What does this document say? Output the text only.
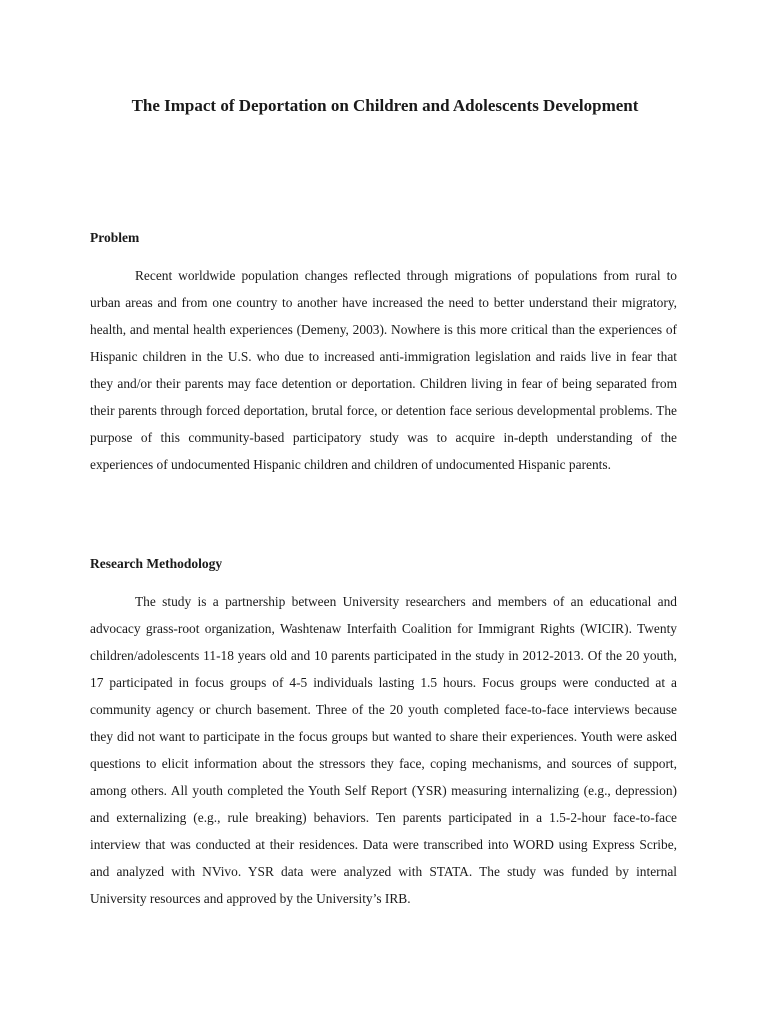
The Impact of Deportation on Children and Adolescents Development
Problem

Recent worldwide population changes reflected through migrations of populations from rural to urban areas and from one country to another have increased the need to better understand their migratory, health, and mental health experiences (Demeny, 2003). Nowhere is this more critical than the experiences of Hispanic children in the U.S. who due to increased anti-immigration legislation and raids live in fear that they and/or their parents may face detention or deportation. Children living in fear of being separated from their parents through forced deportation, brutal force, or detention face serious developmental problems. The purpose of this community-based participatory study was to acquire in-depth understanding of the experiences of undocumented Hispanic children and children of undocumented Hispanic parents.

Research Methodology

The study is a partnership between University researchers and members of an educational and advocacy grass-root organization, Washtenaw Interfaith Coalition for Immigrant Rights (WICIR). Twenty children/adolescents 11-18 years old and 10 parents participated in the study in 2012-2013. Of the 20 youth, 17 participated in focus groups of 4-5 individuals lasting 1.5 hours. Focus groups were conducted at a community agency or church basement. Three of the 20 youth completed face-to-face interviews because they did not want to participate in the focus groups but wanted to share their experiences. Youth were asked questions to elicit information about the stressors they face, coping mechanisms, and sources of support, among others. All youth completed the Youth Self Report (YSR) measuring internalizing (e.g., depression) and externalizing (e.g., rule breaking) behaviors. Ten parents participated in a 1.5-2-hour face-to-face interview that was conducted at their residences. Data were transcribed into WORD using Express Scribe, and analyzed with NVivo. YSR data were analyzed with STATA. The study was funded by internal University resources and approved by the University’s IRB.
